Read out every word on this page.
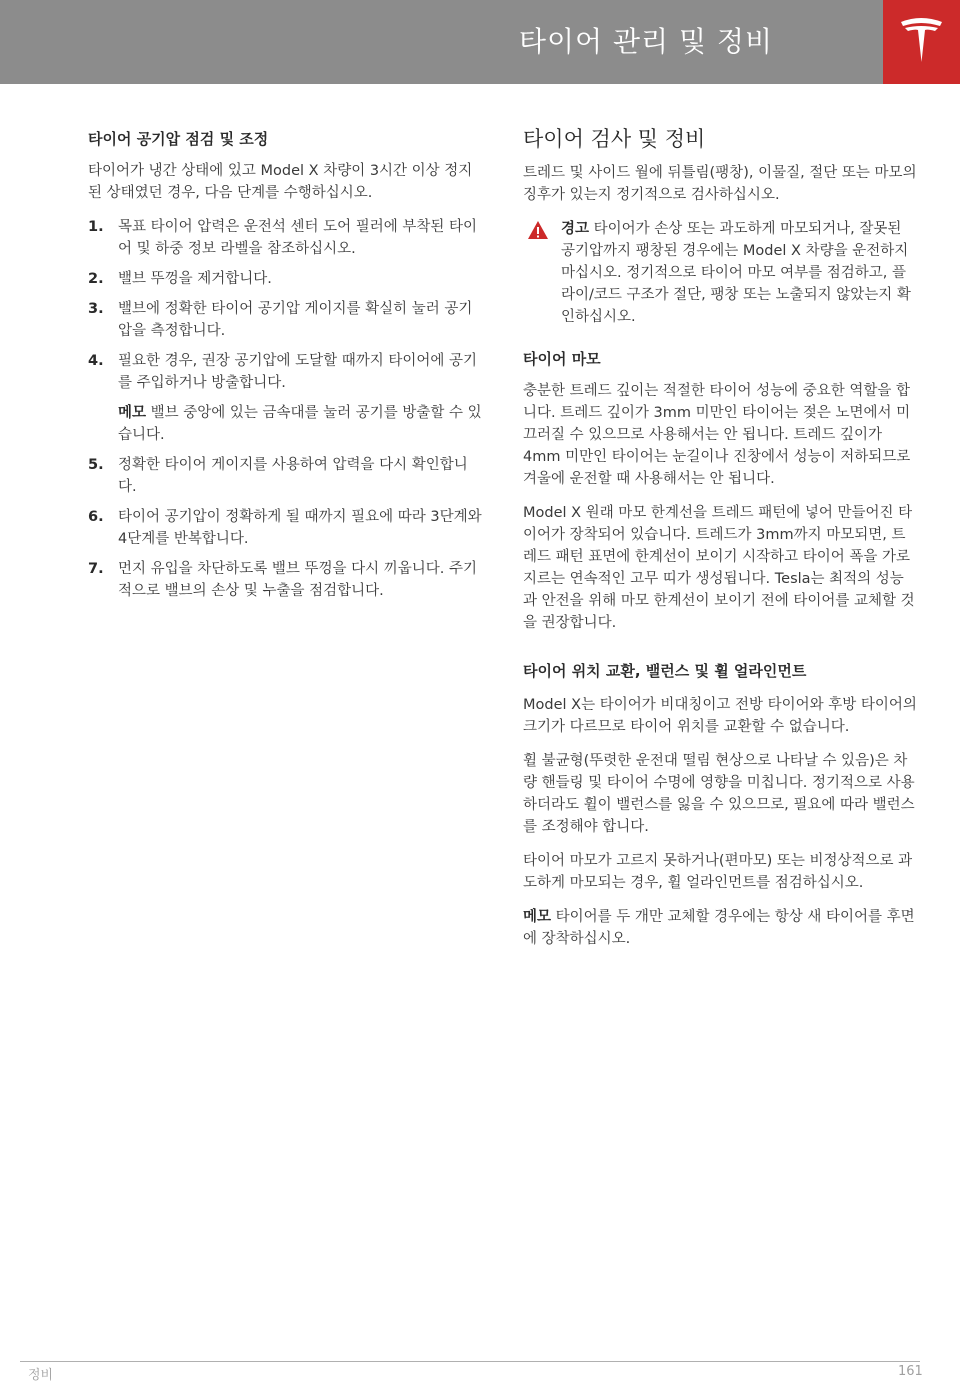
타이어 관리 및 정비
타이어 공기압 점검 및 조정

타이어가 냉간 상태에 있고 Model X 차량이 3시간 이상 정지된 상태였던 경우, 다음 단계를 수행하십시오.

1. 목표 타이어 압력은 운전석 센터 도어 필러에 부착된 타이어 및 하중 정보 라벨을 참조하십시오.
2. 밸브 뚜껑을 제거합니다.
3. 밸브에 정확한 타이어 공기압 게이지를 확실히 눌러 공기압을 측정합니다.
4. 필요한 경우, 권장 공기압에 도달할 때까지 타이어에 공기를 주입하거나 방출합니다.
메모 밸브 중앙에 있는 금속대를 눌러 공기를 방출할 수 있습니다.
5. 정확한 타이어 게이지를 사용하여 압력을 다시 확인합니다.
6. 타이어 공기압이 정확하게 될 때까지 필요에 따라 3단계와 4단계를 반복합니다.
7. 먼지 유입을 차단하도록 밸브 뚜껑을 다시 끼웁니다. 주기적으로 밸브의 손상 및 누출을 점검합니다.
타이어 검사 및 정비

트레드 및 사이드 월에 뒤틀림(팽창), 이물질, 절단 또는 마모의 징후가 있는지 정기적으로 검사하십시오.

경고 타이어가 손상 또는 과도하게 마모되거나, 잘못된 공기압까지 팽창된 경우에는 Model X 차량을 운전하지 마십시오. 정기적으로 타이어 마모 여부를 점검하고, 플라이/코드 구조가 절단, 팽창 또는 노출되지 않았는지 확인하십시오.
타이어 마모

충분한 트레드 깊이는 적절한 타이어 성능에 중요한 역할을 합니다. 트레드 깊이가 3mm 미만인 타이어는 젖은 노면에서 미끄러질 수 있으므로 사용해서는 안 됩니다. 트레드 깊이가 4mm 미만인 타이어는 눈길이나 진창에서 성능이 저하되므로 겨울에 운전할 때 사용해서는 안 됩니다.

Model X 원래 마모 한계선을 트레드 패턴에 넣어 만들어진 타이어가 장착되어 있습니다. 트레드가 3mm까지 마모되면, 트레드 패턴 표면에 한계선이 보이기 시작하고 타이어 폭을 가로지르는 연속적인 고무 띠가 생성됩니다. Tesla는 최적의 성능과 안전을 위해 마모 한계선이 보이기 전에 타이어를 교체할 것을 권장합니다.

타이어 위치 교환, 밸런스 및 휠 얼라인먼트

Model X는 타이어가 비대칭이고 전방 타이어와 후방 타이어의 크기가 다르므로 타이어 위치를 교환할 수 없습니다.

휠 불균형(뚜렷한 운전대 떨림 현상으로 나타날 수 있음)은 차량 핸들링 및 타이어 수명에 영향을 미칩니다. 정기적으로 사용하더라도 휠이 밸런스를 잃을 수 있으므로, 필요에 따라 밸런스를 조정해야 합니다.

타이어 마모가 고르지 못하거나(편마모) 또는 비정상적으로 과도하게 마모되는 경우, 휠 얼라인먼트를 점검하십시오.

메모 타이어를 두 개만 교체할 경우에는 항상 새 타이어를 후면에 장착하십시오.

정비	161
